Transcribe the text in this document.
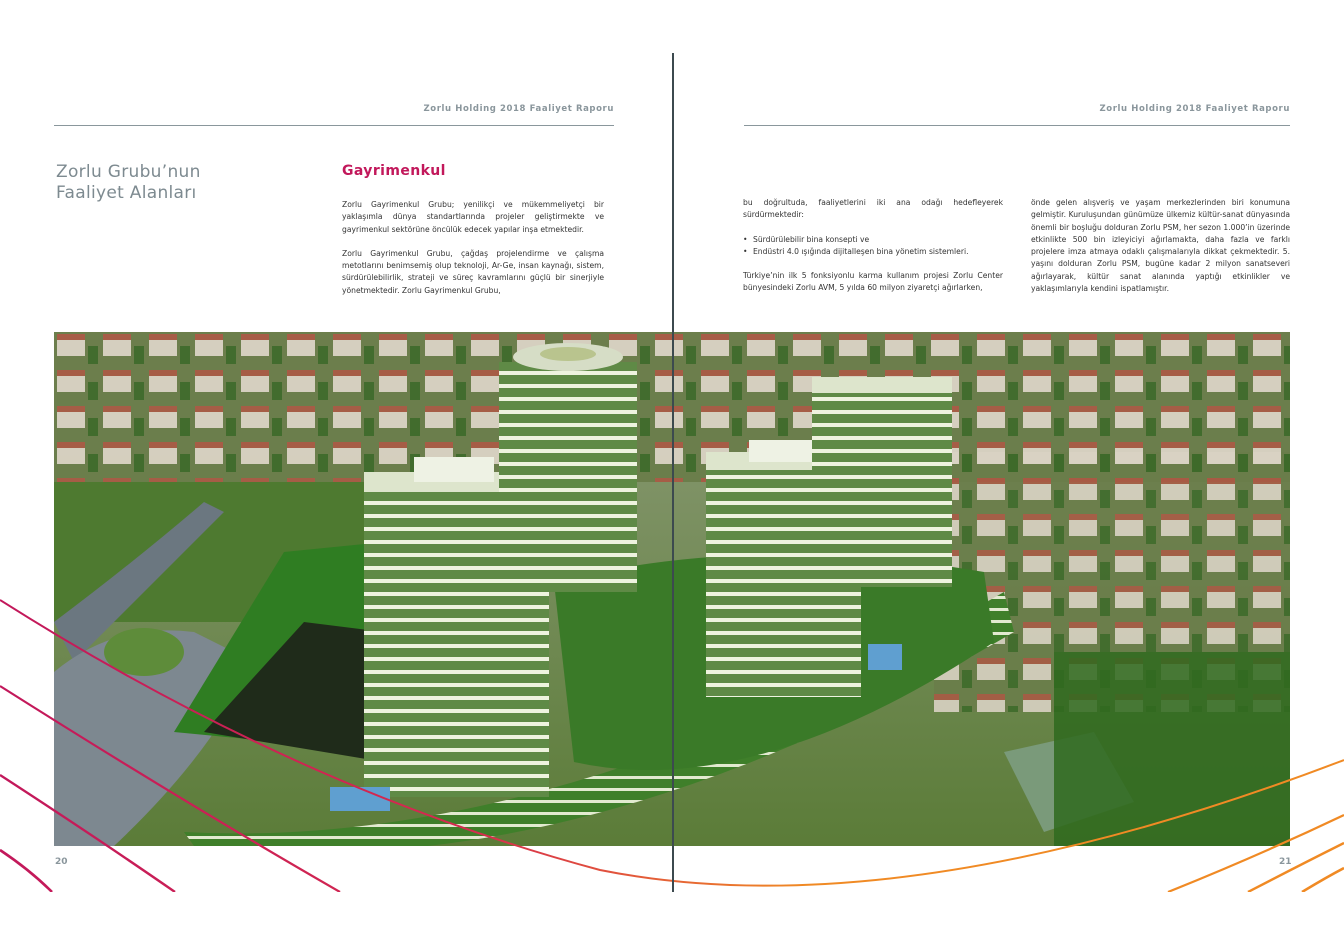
Zorlu Holding 2018 Faaliyet Raporu	Zorlu Holding 2018 Faaliyet Raporu
Zorlu Grubu’nun
Faaliyet Alanları
Gayrimenkul

Zorlu Gayrimenkul Grubu; yenilikçi ve mükemmeliyetçi bir yaklaşımla dünya standartlarında projeler geliştirmekte ve gayrimenkul sektörüne öncülük edecek yapılar inşa etmektedir.

Zorlu Gayrimenkul Grubu, çağdaş projelendirme ve çalışma metotlarını benimsemiş olup teknoloji, Ar-Ge, insan kaynağı, sistem, sürdürülebilirlik, strateji ve süreç kavramlarını güçlü bir sinerjiyle yönetmektedir. Zorlu Gayrimenkul Grubu,

bu doğrultuda, faaliyetlerini iki ana odağı hedefleyerek sürdürmektedir:

• Sürdürülebilir bina konsepti ve
• Endüstri 4.0 ışığında dijitalleşen bina yönetim sistemleri.

Türkiye’nin ilk 5 fonksiyonlu karma kullanım projesi Zorlu Center bünyesindeki Zorlu AVM, 5 yılda 60 milyon ziyaretçi ağırlarken,

önde gelen alışveriş ve yaşam merkezlerinden biri konumuna gelmiştir. Kuruluşundan günümüze ülkemiz kültür-sanat dünyasında önemli bir boşluğu dolduran Zorlu PSM, her sezon 1.000’in üzerinde etkinlikte 500 bin izleyiciyi ağırlamakta, daha fazla ve farklı projelere imza atmaya odaklı çalışmalarıyla dikkat çekmektedir. 5. yaşını dolduran Zorlu PSM, bugüne kadar 2 milyon sanatseveri ağırlayarak, kültür sanat alanında yaptığı etkinlikler ve yaklaşımlarıyla kendini ispatlamıştır.

20	21
